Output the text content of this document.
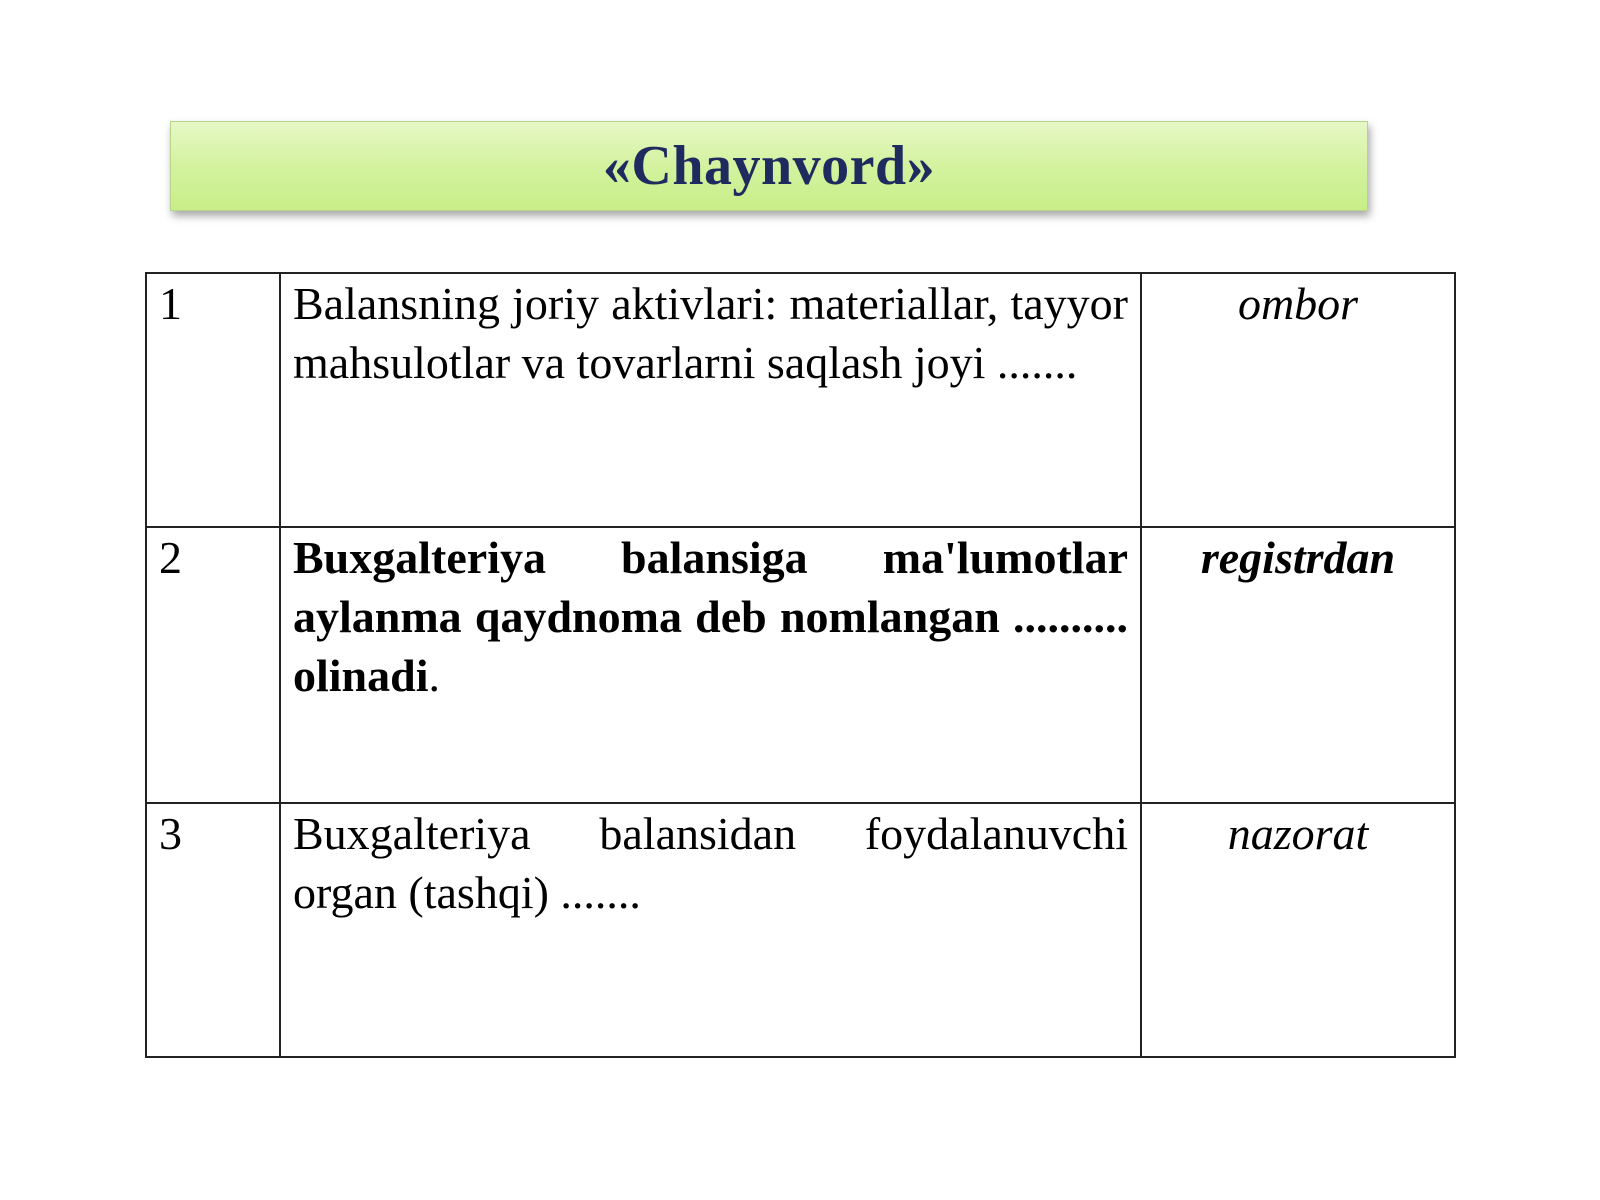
«Chaynvord»
1	Balansning joriy aktivlari: materiallar, tayyor mahsulotlar va tovarlarni saqlash joyi .......	ombor
2	Buxgalteriya balansiga ma'lumotlar aylanma qaydnoma deb nomlangan .......... olinadi.	registrdan
3	Buxgalteriya balansidan foydalanuvchi organ (tashqi) .......	nazorat
